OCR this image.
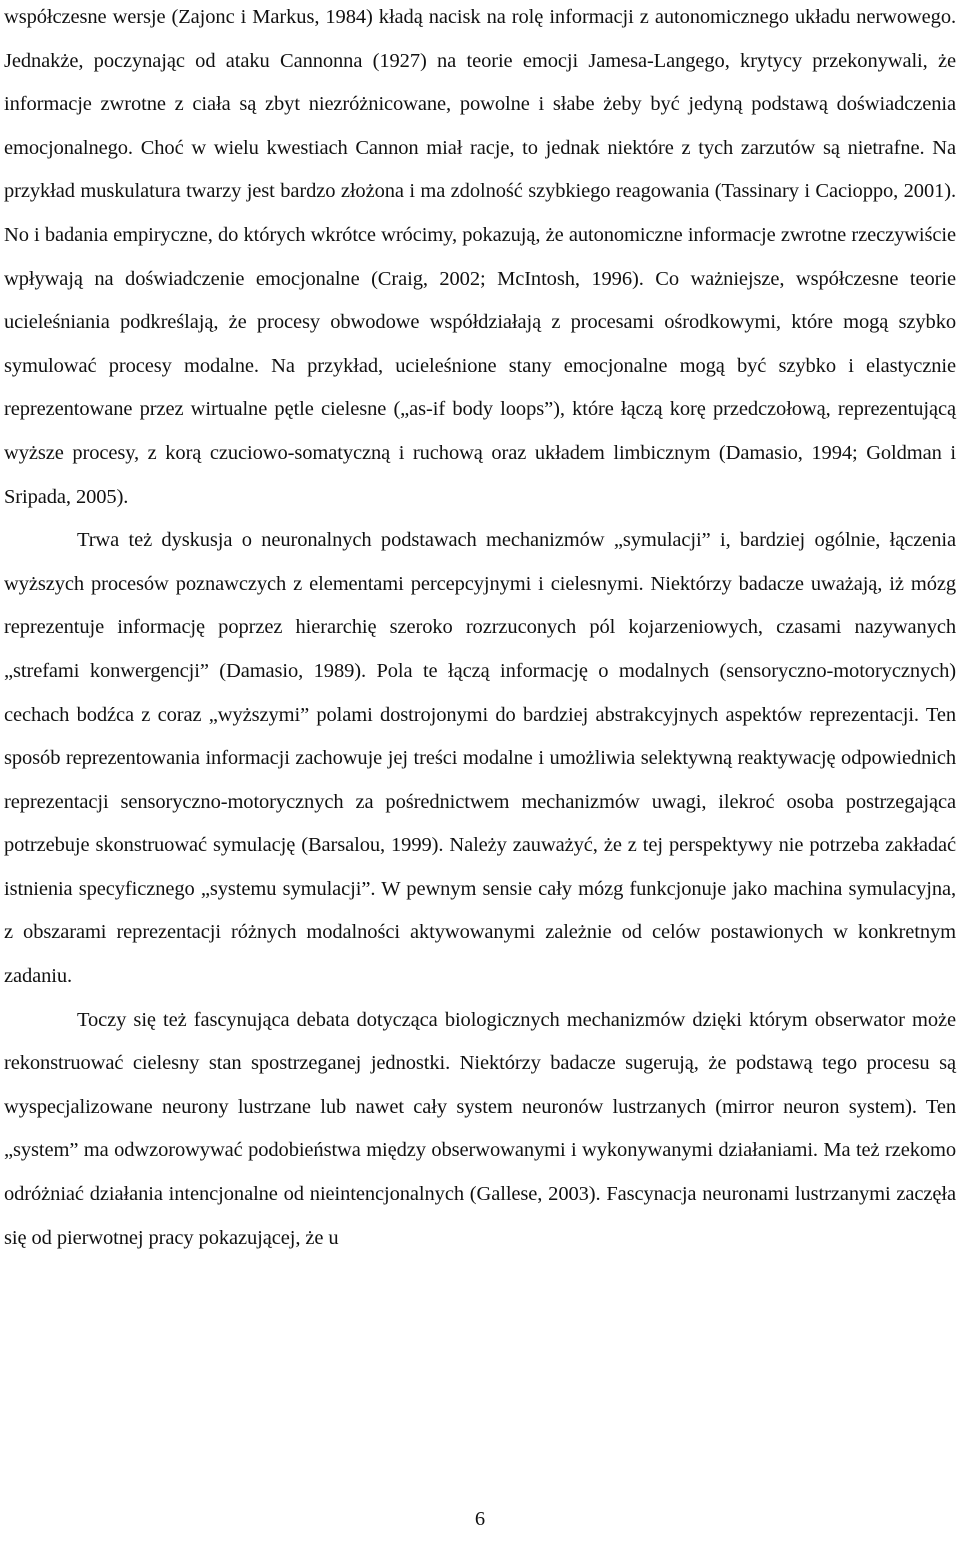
współczesne wersje (Zajonc i Markus, 1984) kładą nacisk na rolę informacji z autonomicznego układu nerwowego. Jednakże, poczynając od ataku Cannonna (1927) na teorie emocji Jamesa-Langego, krytycy przekonywali, że informacje zwrotne z ciała są zbyt niezróżnicowane, powolne i słabe żeby być jedyną podstawą doświadczenia emocjonalnego. Choć w wielu kwestiach Cannon miał racje, to jednak niektóre z tych zarzutów są nietrafne. Na przykład muskulatura twarzy jest bardzo złożona i ma zdolność szybkiego reagowania (Tassinary i Cacioppo, 2001). No i badania empiryczne, do których wkrótce wrócimy, pokazują, że autonomiczne informacje zwrotne rzeczywiście wpływają na doświadczenie emocjonalne (Craig, 2002; McIntosh, 1996). Co ważniejsze, współczesne teorie ucieleśniania podkreślają, że procesy obwodowe współdziałają z procesami ośrodkowymi, które mogą szybko symulować procesy modalne. Na przykład, ucieleśnione stany emocjonalne mogą być szybko i elastycznie reprezentowane przez wirtualne pętle cielesne („as-if body loops”), które łączą korę przedczołową, reprezentującą wyższe procesy, z korą czuciowo-somatyczną i ruchową oraz układem limbicznym (Damasio, 1994; Goldman i Sripada, 2005).

Trwa też dyskusja o neuronalnych podstawach mechanizmów „symulacji” i, bardziej ogólnie, łączenia wyższych procesów poznawczych z elementami percepcyjnymi i cielesnymi. Niektórzy badacze uważają, iż mózg reprezentuje informację poprzez hierarchię szeroko rozrzuconych pól kojarzeniowych, czasami nazywanych „strefami konwergencji” (Damasio, 1989). Pola te łączą informację o modalnych (sensoryczno-motorycznych) cechach bodźca z coraz „wyższymi” polami dostrojonymi do bardziej abstrakcyjnych aspektów reprezentacji. Ten sposób reprezentowania informacji zachowuje jej treści modalne i umożliwia selektywną reaktywację odpowiednich reprezentacji sensoryczno-motorycznych za pośrednictwem mechanizmów uwagi, ilekroć osoba postrzegająca potrzebuje skonstruować symulację (Barsalou, 1999). Należy zauważyć, że z tej perspektywy nie potrzeba zakładać istnienia specyficznego „systemu symulacji”. W pewnym sensie cały mózg funkcjonuje jako machina symulacyjna, z obszarami reprezentacji różnych modalności aktywowanymi zależnie od celów postawionych w konkretnym zadaniu.

Toczy się też fascynująca debata dotycząca biologicznych mechanizmów dzięki którym obserwator może rekonstruować cielesny stan spostrzeganej jednostki. Niektórzy badacze sugerują, że podstawą tego procesu są wyspecjalizowane neurony lustrzane lub nawet cały system neuronów lustrzanych (mirror neuron system). Ten „system” ma odwzorowywać podobieństwa między obserwowanymi i wykonywanymi działaniami. Ma też rzekomo odróżniać działania intencjonalne od nieintencjonalnych (Gallese, 2003). Fascynacja neuronami lustrzanymi zaczęła się od pierwotnej pracy pokazującej, że u

6
